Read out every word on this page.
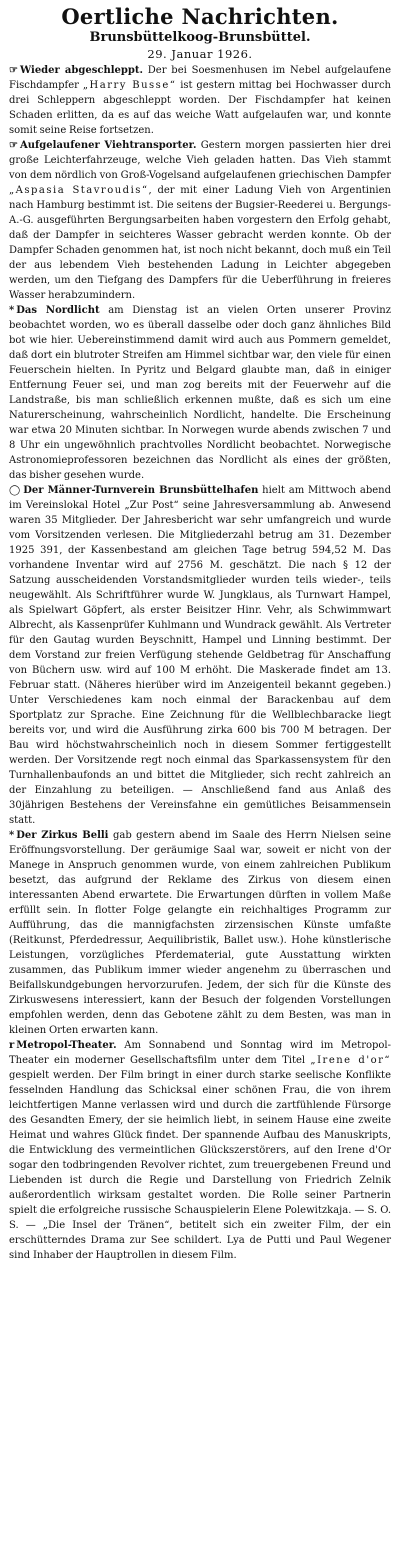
Oertliche Nachrichten.
Brunsbüttelkoog-Brunsbüttel.
29. Januar 1926.

☞ Wieder abgeschleppt. Der bei Soesmenhusen im Nebel aufgelaufene Fischdampfer „Harry Busse“ ist gestern mittag bei Hochwasser durch drei Schleppern abgeschleppt worden. Der Fischdampfer hat keinen Schaden erlitten, da es auf das weiche Watt aufgelaufen war, und konnte somit seine Reise fortsetzen.

☞ Aufgelaufener Viehtransporter. Gestern morgen passierten hier drei große Leichterfahrzeuge, welche Vieh geladen hatten. Das Vieh stammt von dem nördlich von Groß-Vogelsand aufgelaufenen griechischen Dampfer „Aspasia Stavroudis“, der mit einer Ladung Vieh von Argentinien nach Hamburg bestimmt ist. Die seitens der Bugsier-Reederei u. Bergungs-A.-G. ausgeführten Bergungsarbeiten haben vorgestern den Erfolg gehabt, daß der Dampfer in seichteres Wasser gebracht werden konnte. Ob der Dampfer Schaden genommen hat, ist noch nicht bekannt, doch muß ein Teil der aus lebendem Vieh bestehenden Ladung in Leichter abgegeben werden, um den Tiefgang des Dampfers für die Ueberführung in freieres Wasser herabzumindern.

* Das Nordlicht am Dienstag ist an vielen Orten unserer Provinz beobachtet worden, wo es überall dasselbe oder doch ganz ähnliches Bild bot wie hier. Uebereinstimmend damit wird auch aus Pommern gemeldet, daß dort ein blutroter Streifen am Himmel sichtbar war, den viele für einen Feuerschein hielten. In Pyritz und Belgard glaubte man, daß in einiger Entfernung Feuer sei, und man zog bereits mit der Feuerwehr auf die Landstraße, bis man schließlich erkennen mußte, daß es sich um eine Naturerscheinung, wahrscheinlich Nordlicht, handelte. Die Erscheinung war etwa 20 Minuten sichtbar. In Norwegen wurde abends zwischen 7 und 8 Uhr ein ungewöhnlich prachtvolles Nordlicht beobachtet. Norwegische Astronomieprofessoren bezeichnen das Nordlicht als eines der größten, das bisher gesehen wurde.

◯ Der Männer-Turnverein Brunsbüttelhafen hielt am Mittwoch abend im Vereinslokal Hotel „Zur Post“ seine Jahresversammlung ab. Anwesend waren 35 Mitglieder. Der Jahresbericht war sehr umfangreich und wurde vom Vorsitzenden verlesen. Die Mitgliederzahl betrug am 31. Dezember 1925 391, der Kassenbestand am gleichen Tage betrug 594,52 M. Das vorhandene Inventar wird auf 2756 M. geschätzt. Die nach § 12 der Satzung ausscheidenden Vorstandsmitglieder wurden teils wieder-, teils neugewählt. Als Schriftführer wurde W. Jungklaus, als Turnwart Hampel, als Spielwart Göpfert, als erster Beisitzer Hinr. Vehr, als Schwimmwart Albrecht, als Kassenprüfer Kuhlmann und Wundrack gewählt. Als Vertreter für den Gautag wurden Beyschnitt, Hampel und Linning bestimmt. Der dem Vorstand zur freien Verfügung stehende Geldbetrag für Anschaffung von Büchern usw. wird auf 100 M erhöht. Die Maskerade findet am 13. Februar statt. (Näheres hierüber wird im Anzeigenteil bekannt gegeben.) Unter Verschiedenes kam noch einmal der Barackenbau auf dem Sportplatz zur Sprache. Eine Zeichnung für die Wellblechbaracke liegt bereits vor, und wird die Ausführung zirka 600 bis 700 M betragen. Der Bau wird höchstwahrscheinlich noch in diesem Sommer fertiggestellt werden. Der Vorsitzende regt noch einmal das Sparkassensystem für den Turnhallenbaufonds an und bittet die Mitglieder, sich recht zahlreich an der Einzahlung zu beteiligen. — Anschließend fand aus Anlaß des 30jährigen Bestehens der Vereinsfahne ein gemütliches Beisammensein statt.

* Der Zirkus Belli gab gestern abend im Saale des Herrn Nielsen seine Eröffnungsvorstellung. Der geräumige Saal war, soweit er nicht von der Manege in Anspruch genommen wurde, von einem zahlreichen Publikum besetzt, das aufgrund der Reklame des Zirkus von diesem einen interessanten Abend erwartete. Die Erwartungen dürften in vollem Maße erfüllt sein. In flotter Folge gelangte ein reichhaltiges Programm zur Aufführung, das die mannigfachsten zirzensischen Künste umfaßte (Reitkunst, Pferdedressur, Aequilibristik, Ballet usw.). Hohe künstlerische Leistungen, vorzügliches Pferdematerial, gute Ausstattung wirkten zusammen, das Publikum immer wieder angenehm zu überraschen und Beifallskundgebungen hervorzurufen. Jedem, der sich für die Künste des Zirkuswesens interessiert, kann der Besuch der folgenden Vorstellungen empfohlen werden, denn das Gebotene zählt zu dem Besten, was man in kleinen Orten erwarten kann.

r Metropol-Theater. Am Sonnabend und Sonntag wird im Metropol-Theater ein moderner Gesellschaftsfilm unter dem Titel „Irene d'or“ gespielt werden. Der Film bringt in einer durch starke seelische Konflikte fesselnden Handlung das Schicksal einer schönen Frau, die von ihrem leichtfertigen Manne verlassen wird und durch die zartfühlende Fürsorge des Gesandten Emery, der sie heimlich liebt, in seinem Hause eine zweite Heimat und wahres Glück findet. Der spannende Aufbau des Manuskripts, die Entwicklung des vermeintlichen Glückszerstörers, auf den Irene d'Or sogar den todbringenden Revolver richtet, zum treuergebenen Freund und Liebenden ist durch die Regie und Darstellung von Friedrich Zelnik außerordentlich wirksam gestaltet worden. Die Rolle seiner Partnerin spielt die erfolgreiche russische Schauspielerin Elene Polewitzkaja. — S. O. S. — „Die Insel der Tränen“, betitelt sich ein zweiter Film, der ein erschütterndes Drama zur See schildert. Lya de Putti und Paul Wegener sind Inhaber der Hauptrollen in diesem Film.
